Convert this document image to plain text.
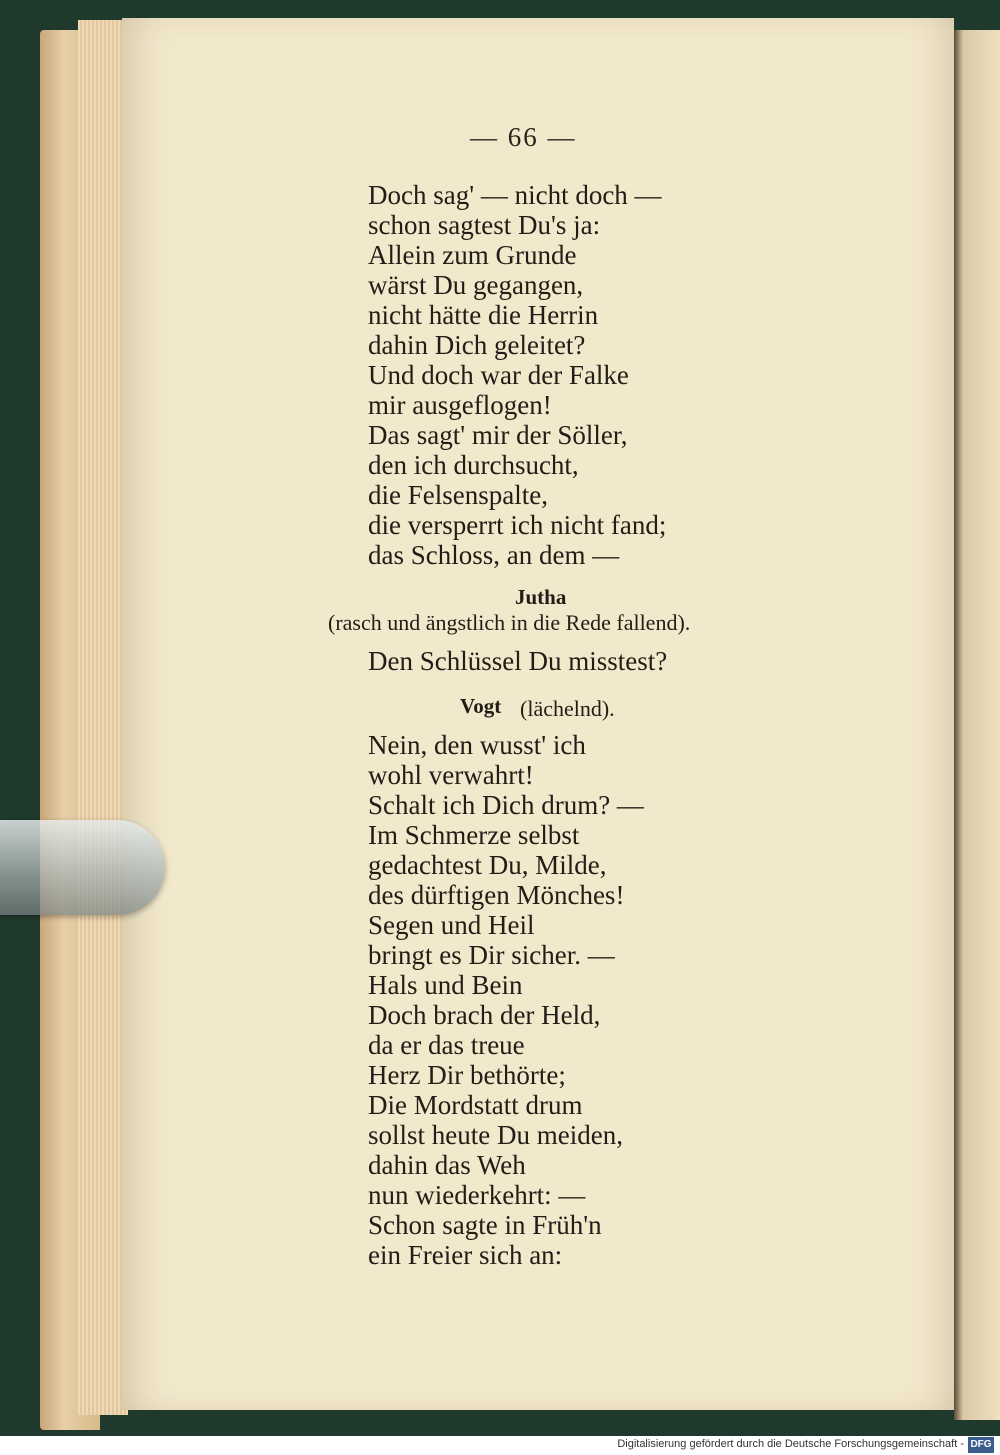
— 66 —
Doch sag' — nicht doch —
schon sagtest Du's ja:
Allein zum Grunde
wärst Du gegangen,
nicht hätte die Herrin
dahin Dich geleitet?
Und doch war der Falke
mir ausgeflogen!
Das sagt' mir der Söller,
den ich durchsucht,
die Felsenspalte,
die versperrt ich nicht fand;
das Schloss, an dem —
Jutha
(rasch und ängstlich in die Rede fallend).
Den Schlüssel Du misstest?
Vogt (lächelnd).
Nein, den wusst' ich
wohl verwahrt!
Schalt ich Dich drum? —
Im Schmerze selbst
gedachtest Du, Milde,
des dürftigen Mönches!
Segen und Heil
bringt es Dir sicher. —
Hals und Bein
Doch brach der Held,
da er das treue
Herz Dir bethörte;
Die Mordstatt drum
sollst heute Du meiden,
dahin das Weh
nun wiederkehrt: —
Schon sagte in Früh'n
ein Freier sich an:
Digitalisierung gefördert durch die Deutsche Forschungsgemeinschaft - DFG
